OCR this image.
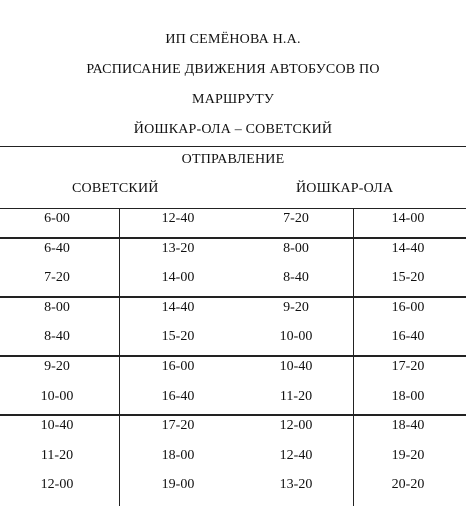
ИП СЕМЁНОВА Н.А.
РАСПИСАНИЕ ДВИЖЕНИЯ АВТОБУСОВ ПО
МАРШРУТУ
ЙОШКАР-ОЛА – СОВЕТСКИЙ
ОТПРАВЛЕНИЕ
СОВЕТСКИЙ	ЙОШКАР-ОЛА
6-00	12-40	7-20	14-00
6-40	13-20	8-00	14-40
7-20	14-00	8-40	15-20
8-00	14-40	9-20	16-00
8-40	15-20	10-00	16-40
9-20	16-00	10-40	17-20
10-00	16-40	11-20	18-00
10-40	17-20	12-00	18-40
11-20	18-00	12-40	19-20
12-00	19-00	13-20	20-20
